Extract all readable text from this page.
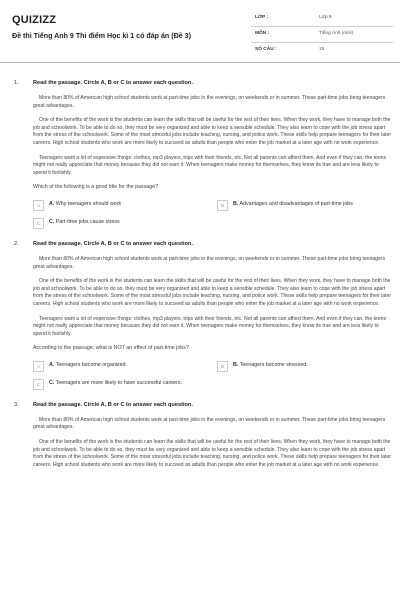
QUIZIZZ
Đề thi Tiếng Anh 9 Thi điểm Học kì 1 có đáp án (Đề 3)
LỚP :	Lớp 9
MÔN :	Tiếng Anh (mới)
SỐ CÂU :	15
1.	Read the passage. Circle A, B or C to answer each question.

More than 80% of American high school students work at part-time jobs in the evenings, on weekends or in summer. These part-time jobs bring teenagers great advantages.

One of the benefits of the work is the students can learn the skills that will be useful for the rest of their lives. When they work, they have to manage both the job and schoolwork. To be able to do so, they must be very organized and able to keep a sensible schedule. They also learn to cope with the job stress apart from the stress of the schoolwork. Some of the most stressful jobs include teaching, nursing, and police work. These skills help prepare teenagers for their later careers. High school students who work are more likely to succeed as adults than people who enter the job market at a later age with no work experience.

Teenagers want a lot of expensive things: clothes, mp3 players, trips with their friends, etc. Not all parents can afford them. And even if they can, the teens might not really appreciate that money because they did not earn it. When teenagers make money for themselves, they know its true and are less likely to spend it foolishly.

Which of the following is a good title for the passage?

A	A. Why teenagers should work	B	B. Advantages and disadvantages of part-time jobs
C	C. Part-time jobs cause stress
2.	Read the passage. Circle A, B or C to answer each question.

More than 80% of American high school students work at part-time jobs in the evenings, on weekends or in summer. These part-time jobs bring teenagers great advantages.

One of the benefits of the work is the students can learn the skills that will be useful for the rest of their lives. When they work, they have to manage both the job and schoolwork. To be able to do so, they must be very organized and able to keep a sensible schedule. They also learn to cope with the job stress apart from the stress of the schoolwork. Some of the most stressful jobs include teaching, nursing, and police work. These skills help prepare teenagers for their later careers. High school students who work are more likely to succeed as adults than people who enter the job market at a later age with no work experience.

Teenagers want a lot of expensive things: clothes, mp3 players, trips with their friends, etc. Not all parents can afford them. And even if they can, the teens might not really appreciate that money because they did not earn it. When teenagers make money for themselves, they know its true and are less likely to spend it foolishly.

According to the passage, what is NOT an effect of part-time jobs?

A	A. Teenagers become organized.	B	B. Teenagers become stressed.
C	C. Teenagers are more likely to have successful careers.
3.	Read the passage. Circle A, B or C to answer each question.

More than 80% of American high school students work at part-time jobs in the evenings, on weekends or in summer. These part-time jobs bring teenagers great advantages.

One of the benefits of the work is the students can learn the skills that will be useful for the rest of their lives. When they work, they have to manage both the job and schoolwork. To be able to do so, they must be very organized and able to keep a sensible schedule. They also learn to cope with the job stress apart from the stress of the schoolwork. Some of the most stressful jobs include teaching, nursing, and police work. These skills help prepare teenagers for their later careers. High school students who work are more likely to succeed as adults than people who enter the job market at a later age with no work experience.
